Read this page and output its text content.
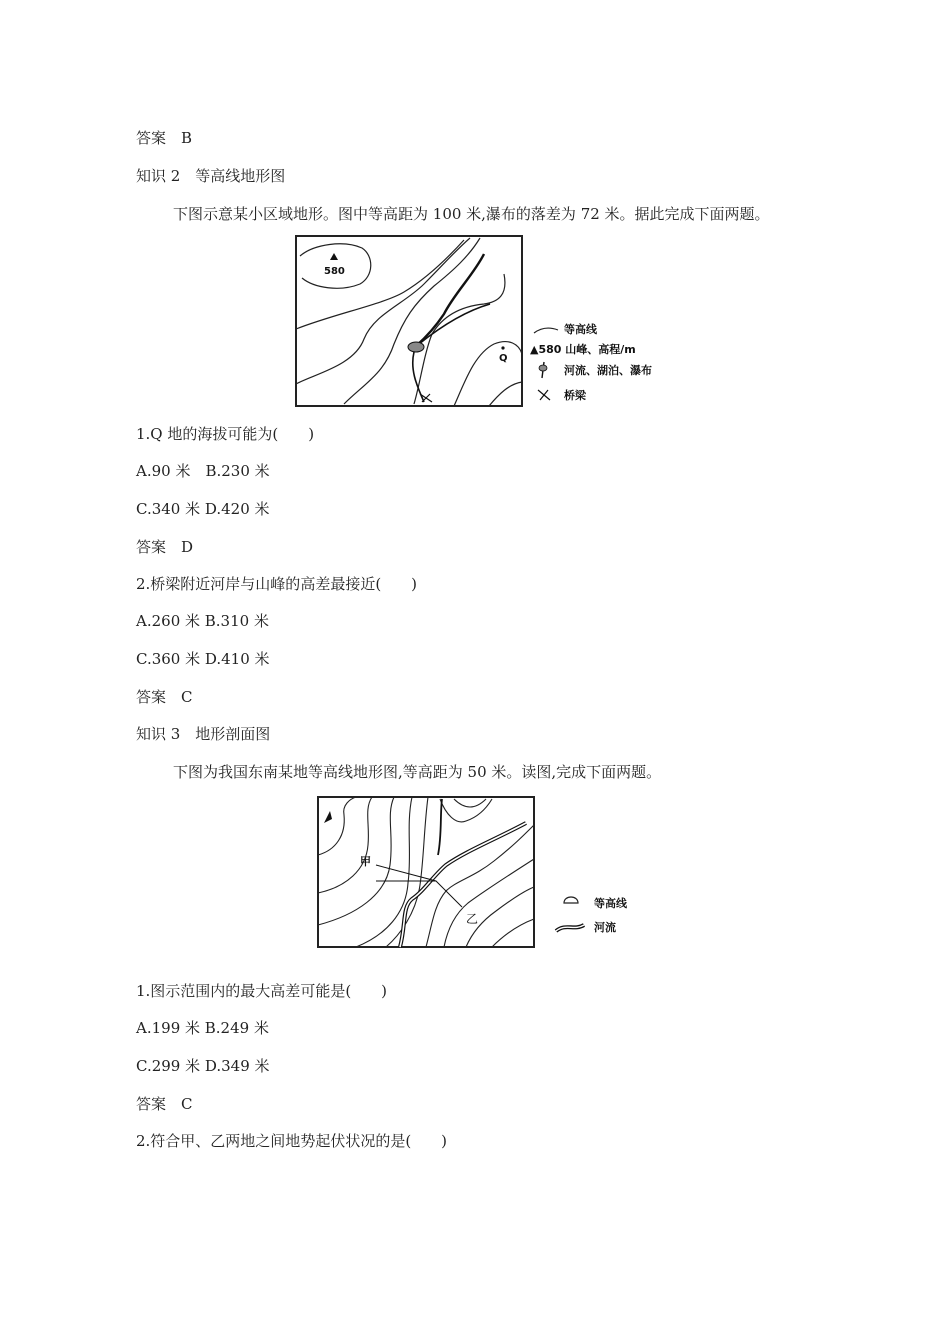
答案　B
知识 2　等高线地形图
下图示意某小区域地形。图中等高距为 100 米,瀑布的落差为 72 米。据此完成下面两题。
580
Q
等高线
▲580 山峰、高程/m
河流、湖泊、瀑布
桥梁
1.Q 地的海拔可能为(　　)
A.90 米　B.230 米
C.340 米 D.420 米
答案　D
2.桥梁附近河岸与山峰的高差最接近(　　)
A.260 米 B.310 米
C.360 米 D.410 米
答案　C
知识 3　地形剖面图
下图为我国东南某地等高线地形图,等高距为 50 米。读图,完成下面两题。
甲
乙
等高线
河流
1.图示范围内的最大高差可能是(　　)
A.199 米 B.249 米
C.299 米 D.349 米
答案　C
2.符合甲、乙两地之间地势起伏状况的是(　　)
